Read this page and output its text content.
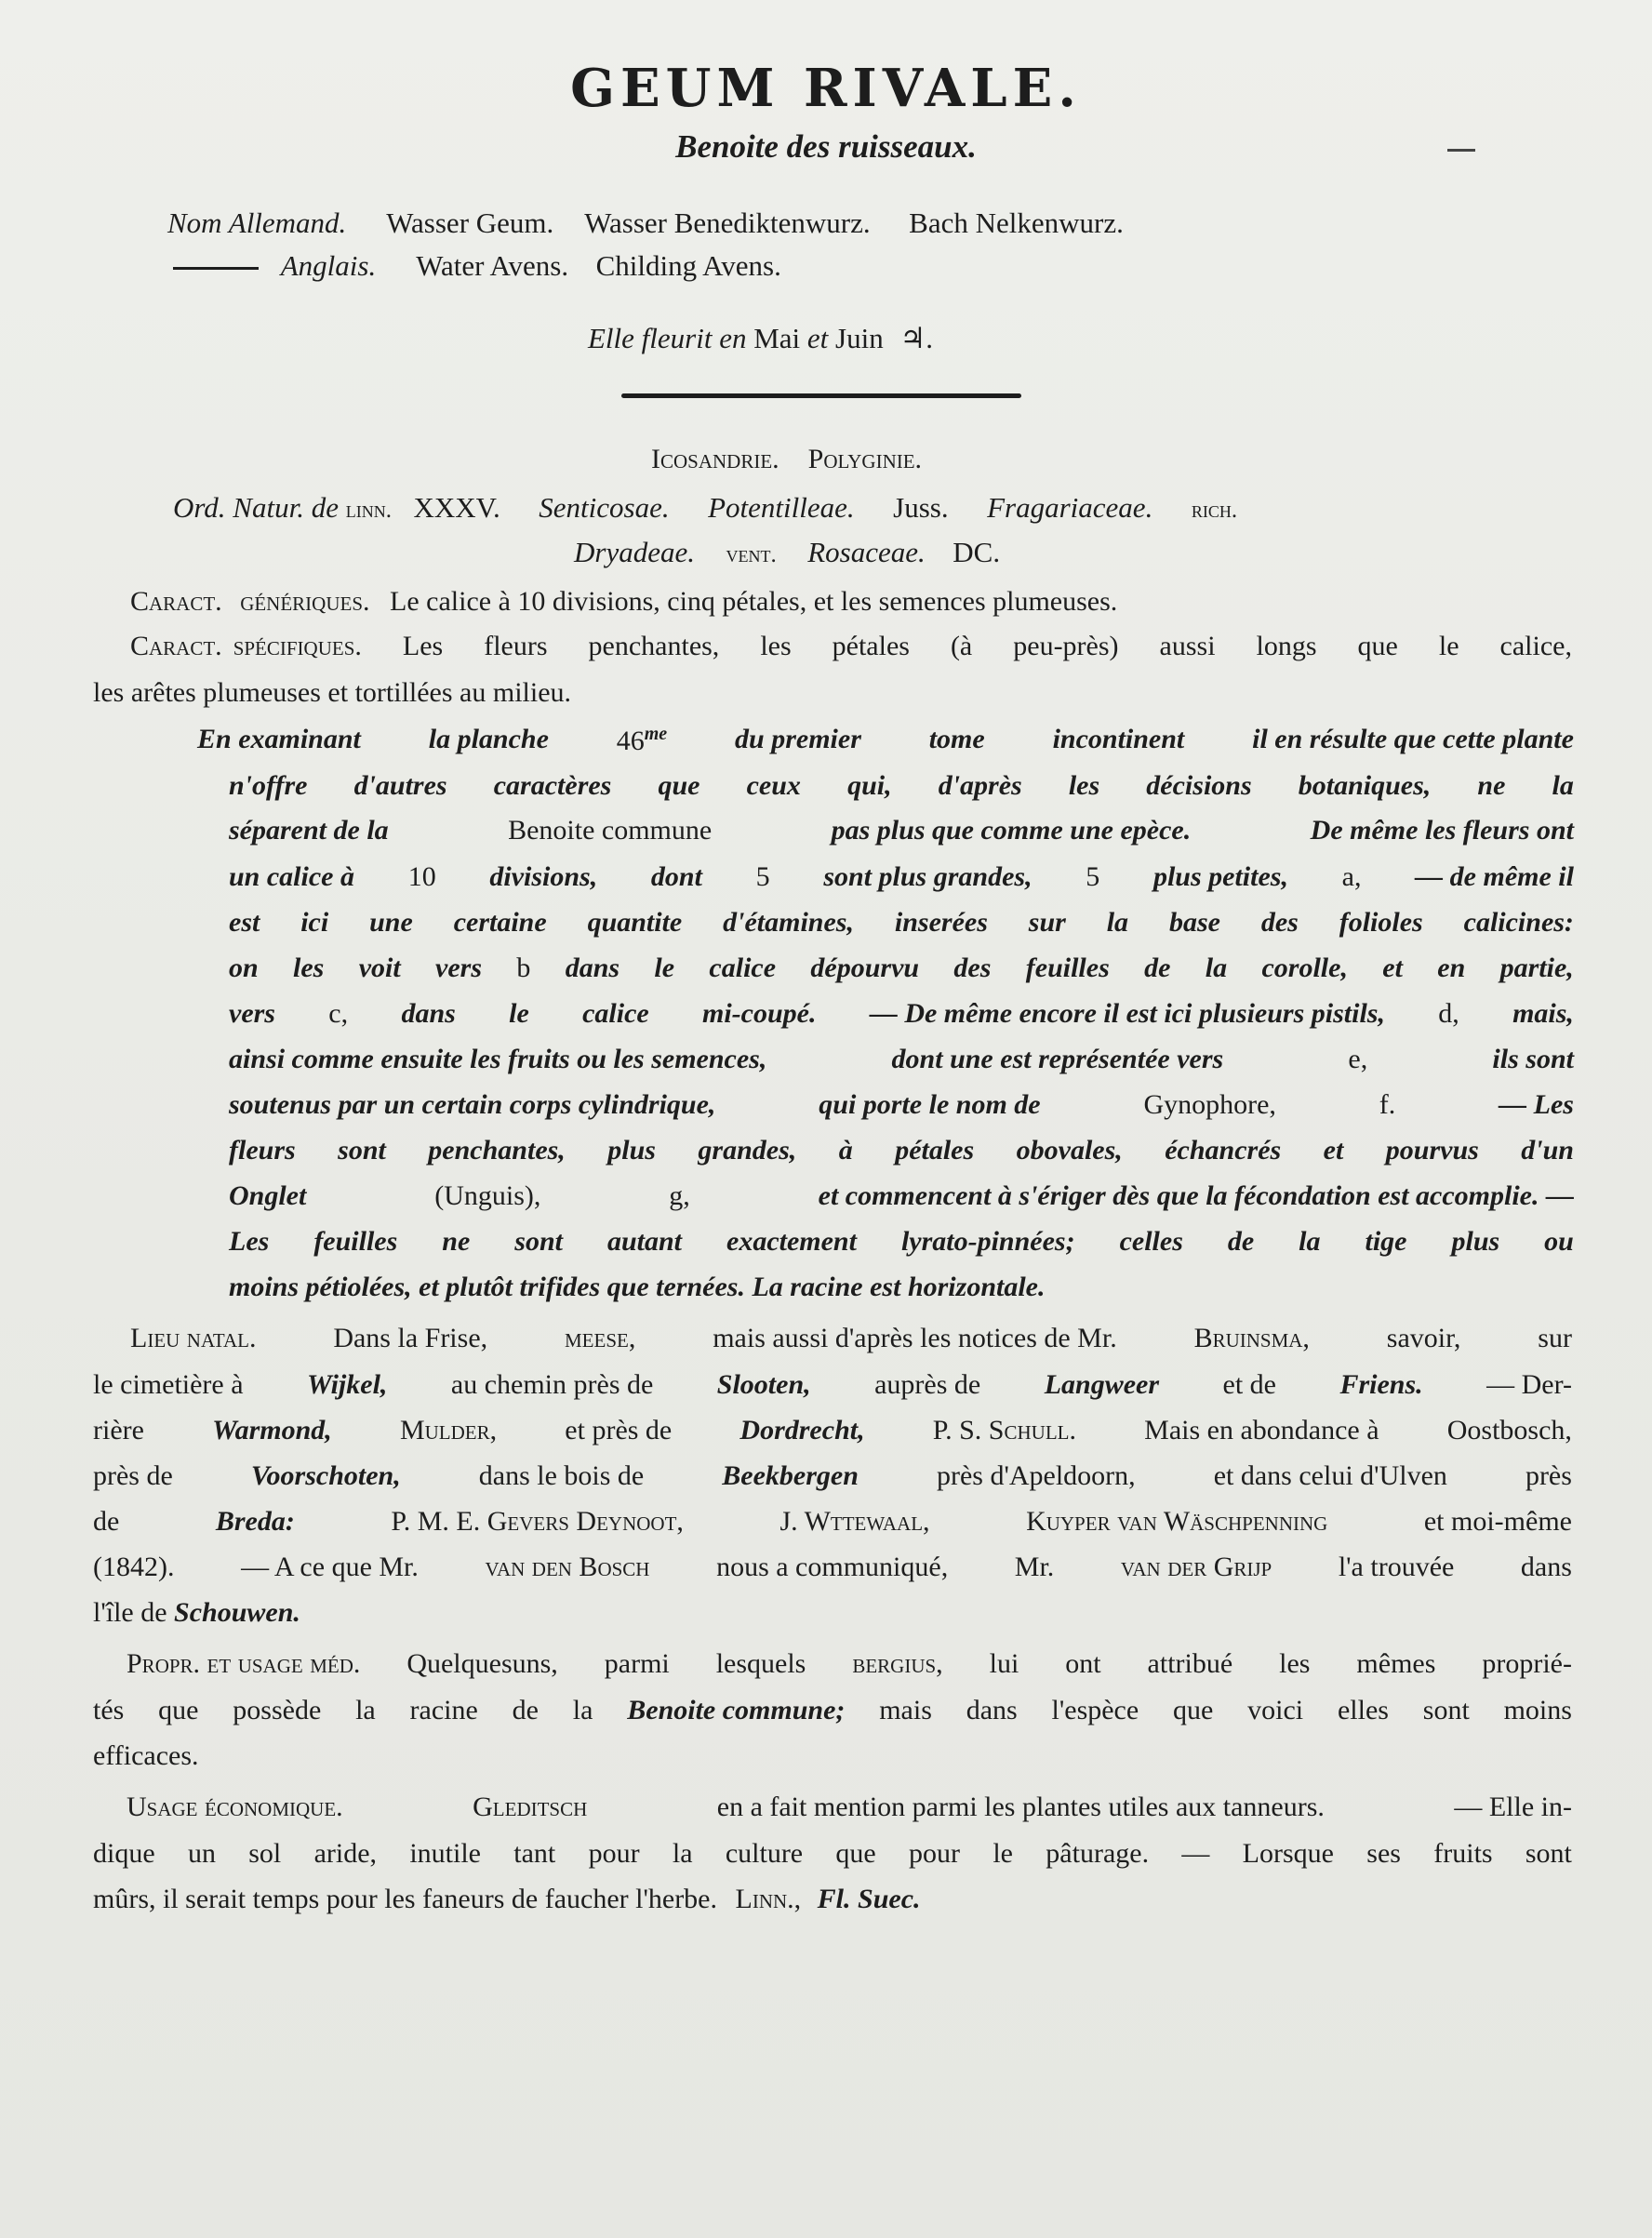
GEUM RIVALE.
Benoite des ruisseaux.
Nom Allemand. Wasser Geum. Wasser Benediktenwurz. Bach Nelkenwurz.
Anglais. Water Avens. Childing Avens.
Elle fleurit en Mai et Juin ♃.
Icosandrie. Polyginie.
Ord. Natur. de linn. XXXV. Senticosae. Potentilleae. Juss. Fragariaceae. rich.
Dryadeae. vent. Rosaceae. DC.
Caract. génériques. Le calice à 10 divisions, cinq pétales, et les semences plumeuses.
Caract. spécifiques. Les fleurs penchantes, les pétales (à peu-près) aussi longs que le calice,
les arêtes plumeuses et tortillées au milieu.
En examinant la planche $46^{me}$ du premier tome incontinent il en résulte que cette plante
n'offre d'autres caractères que ceux qui, d'après les décisions botaniques, ne la
séparent de la	Benoite commune	pas plus que comme une epèce.	De même les fleurs ont
un calice à 10 divisions, dont 5 sont plus grandes, 5 plus petites, a, — de même il
est ici une certaine quantite d'étamines, inserées sur la base des folioles calicines:
on les voit vers b dans le calice dépourvu des feuilles de la corolle, et en partie,
vers c, dans le calice mi-coupé. — De même encore il est ici plusieurs pistils, d, mais,
ainsi comme ensuite les fruits ou les semences,	dont une est représentée vers	e,	ils sont
soutenus par un certain corps cylindrique,	qui porte le nom de	Gynophore,	f.	— Les
fleurs sont penchantes, plus grandes, à pétales obovales, échancrés et pourvus d'un
Onglet	(Unguis),	g,	et commencent à s'ériger dès que la fécondation est accomplie. —
Les feuilles ne sont autant exactement lyrato-pinnées; celles de la tige plus ou
moins pétiolées, et plutôt trifides que ternées. La racine est horizontale.
Lieu natal.	Dans la Frise,	meese,	mais aussi d'après les notices de Mr.	Bruinsma,	savoir,	sur
le cimetière à Wijkel, au chemin près de Slooten, auprès de Langweer et de Friens. — Der-
rière Warmond, Mulder, et près de Dordrecht, P. S. Schull. Mais en abondance à Oostbosch,
près de	Voorschoten,	dans le bois de	Beekbergen	près d'Apeldoorn,	et dans celui d'Ulven	près
de	Breda:	P. M. E. Gevers Deynoot,	J. Wttewaal,	Kuyper van Wäschpenning	et moi-même
(1842). — A ce que Mr. van den Bosch nous a communiqué, Mr. van der Grijp l'a trouvée dans
l'île de Schouwen.
Propr. et usage méd. Quelquesuns, parmi lesquels bergius, lui ont attribué les mêmes proprié-
tés que possède la racine de la Benoite commune; mais dans l'espèce que voici elles sont moins
efficaces.
Usage économique.	Gleditsch	en a fait mention parmi les plantes utiles aux tanneurs.	— Elle in-
dique un sol aride, inutile tant pour la culture que pour le pâturage. — Lorsque ses fruits sont
mûrs, il serait temps pour les faneurs de faucher l'herbe. Linn., Fl. Suec.
